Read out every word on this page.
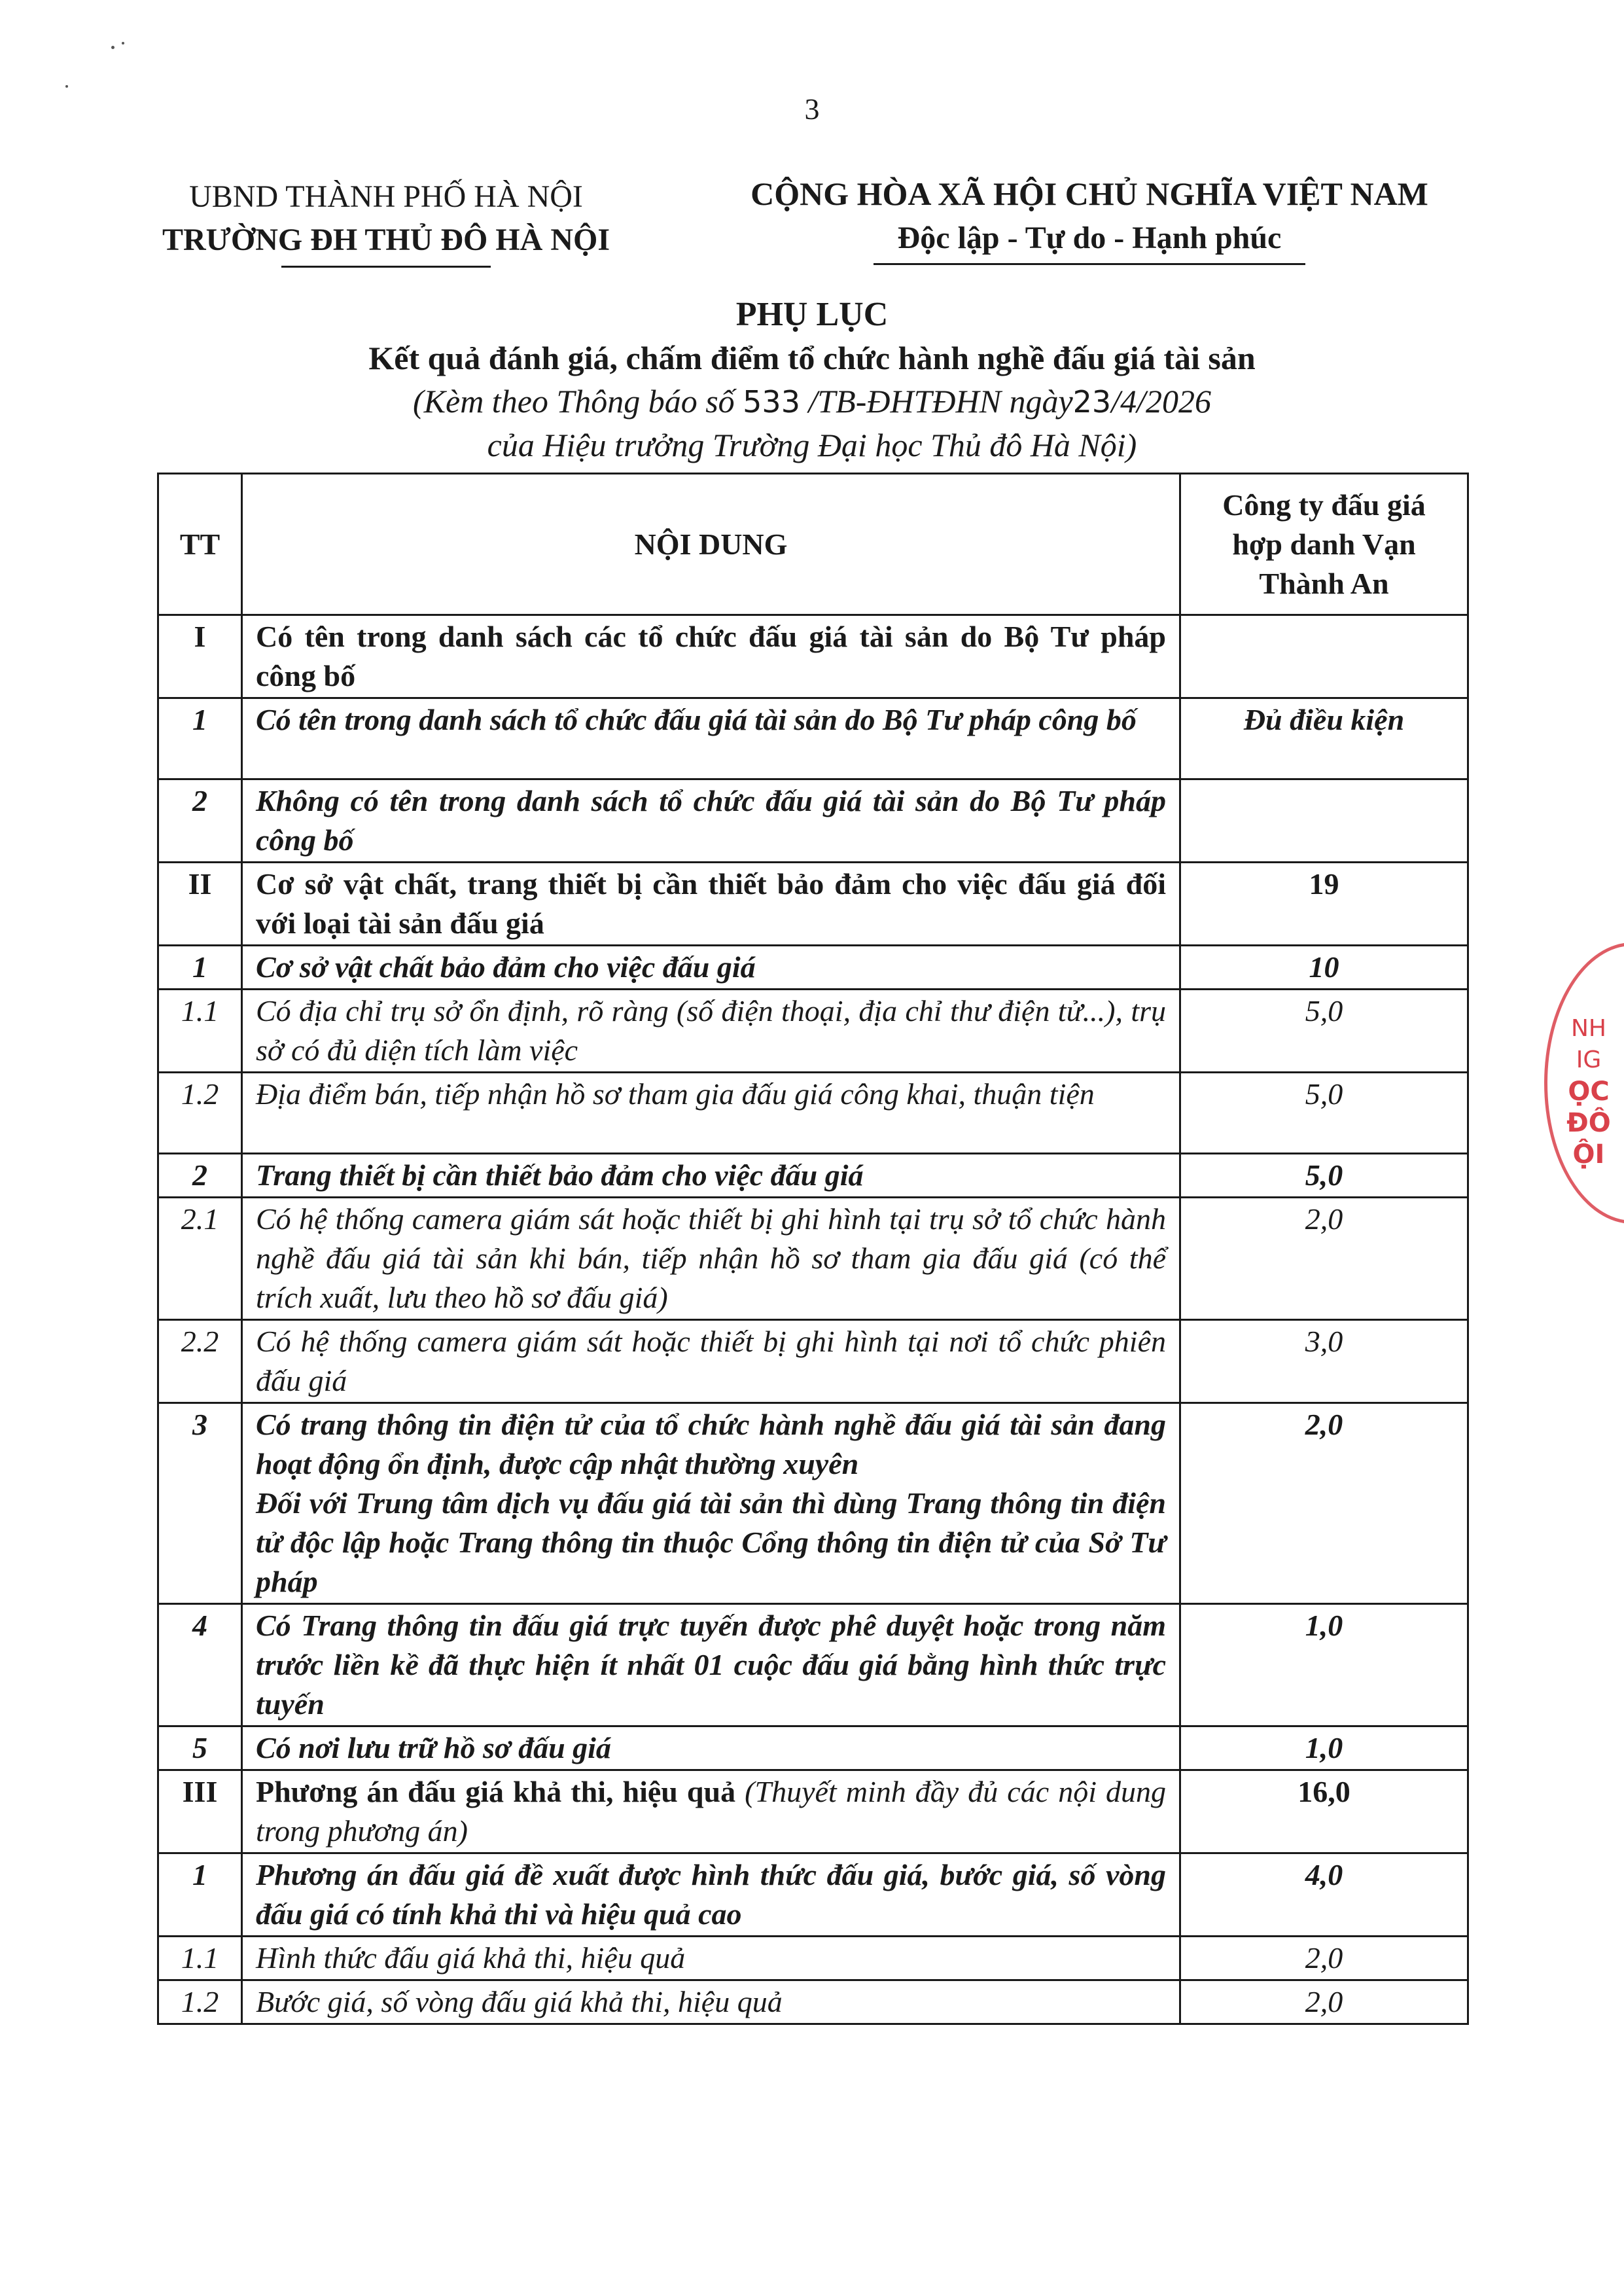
3
UBND THÀNH PHỐ HÀ NỘI
TRƯỜNG ĐH THỦ ĐÔ HÀ NỘI
CỘNG HÒA XÃ HỘI CHỦ NGHĨA VIỆT NAM
Độc lập - Tự do - Hạnh phúc
PHỤ LỤC
Kết quả đánh giá, chấm điểm tổ chức hành nghề đấu giá tài sản
(Kèm theo Thông báo số 533 /TB-ĐHTĐHN ngày23/4/2026
của Hiệu trưởng Trường Đại học Thủ đô Hà Nội)
TT	NỘI DUNG	Công ty đấu giá hợp danh Vạn Thành An
I	Có tên trong danh sách các tổ chức đấu giá tài sản do Bộ Tư pháp công bố	
1	Có tên trong danh sách tổ chức đấu giá tài sản do Bộ Tư pháp công bố	Đủ điều kiện
2	Không có tên trong danh sách tổ chức đấu giá tài sản do Bộ Tư pháp công bố	
II	Cơ sở vật chất, trang thiết bị cần thiết bảo đảm cho việc đấu giá đối với loại tài sản đấu giá	19
1	Cơ sở vật chất bảo đảm cho việc đấu giá	10
1.1	Có địa chỉ trụ sở ổn định, rõ ràng (số điện thoại, địa chỉ thư điện tử...), trụ sở có đủ diện tích làm việc	5,0
1.2	Địa điểm bán, tiếp nhận hồ sơ tham gia đấu giá công khai, thuận tiện	5,0
2	Trang thiết bị cần thiết bảo đảm cho việc đấu giá	5,0
2.1	Có hệ thống camera giám sát hoặc thiết bị ghi hình tại trụ sở tổ chức hành nghề đấu giá tài sản khi bán, tiếp nhận hồ sơ tham gia đấu giá (có thể trích xuất, lưu theo hồ sơ đấu giá)	2,0
2.2	Có hệ thống camera giám sát hoặc thiết bị ghi hình tại nơi tổ chức phiên đấu giá	3,0
3	Có trang thông tin điện tử của tổ chức hành nghề đấu giá tài sản đang hoạt động ổn định, được cập nhật thường xuyên
Đối với Trung tâm dịch vụ đấu giá tài sản thì dùng Trang thông tin điện tử độc lập hoặc Trang thông tin thuộc Cổng thông tin điện tử của Sở Tư pháp	2,0
4	Có Trang thông tin đấu giá trực tuyến được phê duyệt hoặc trong năm trước liền kề đã thực hiện ít nhất 01 cuộc đấu giá bằng hình thức trực tuyến	1,0
5	Có nơi lưu trữ hồ sơ đấu giá	1,0
III	Phương án đấu giá khả thi, hiệu quả (Thuyết minh đầy đủ các nội dung trong phương án)	16,0
1	Phương án đấu giá đề xuất được hình thức đấu giá, bước giá, số vòng đấu giá có tính khả thi và hiệu quả cao	4,0
1.1	Hình thức đấu giá khả thi, hiệu quả	2,0
1.2	Bước giá, số vòng đấu giá khả thi, hiệu quả	2,0
NH
IG
ỌC
ĐÔ
ỘI
